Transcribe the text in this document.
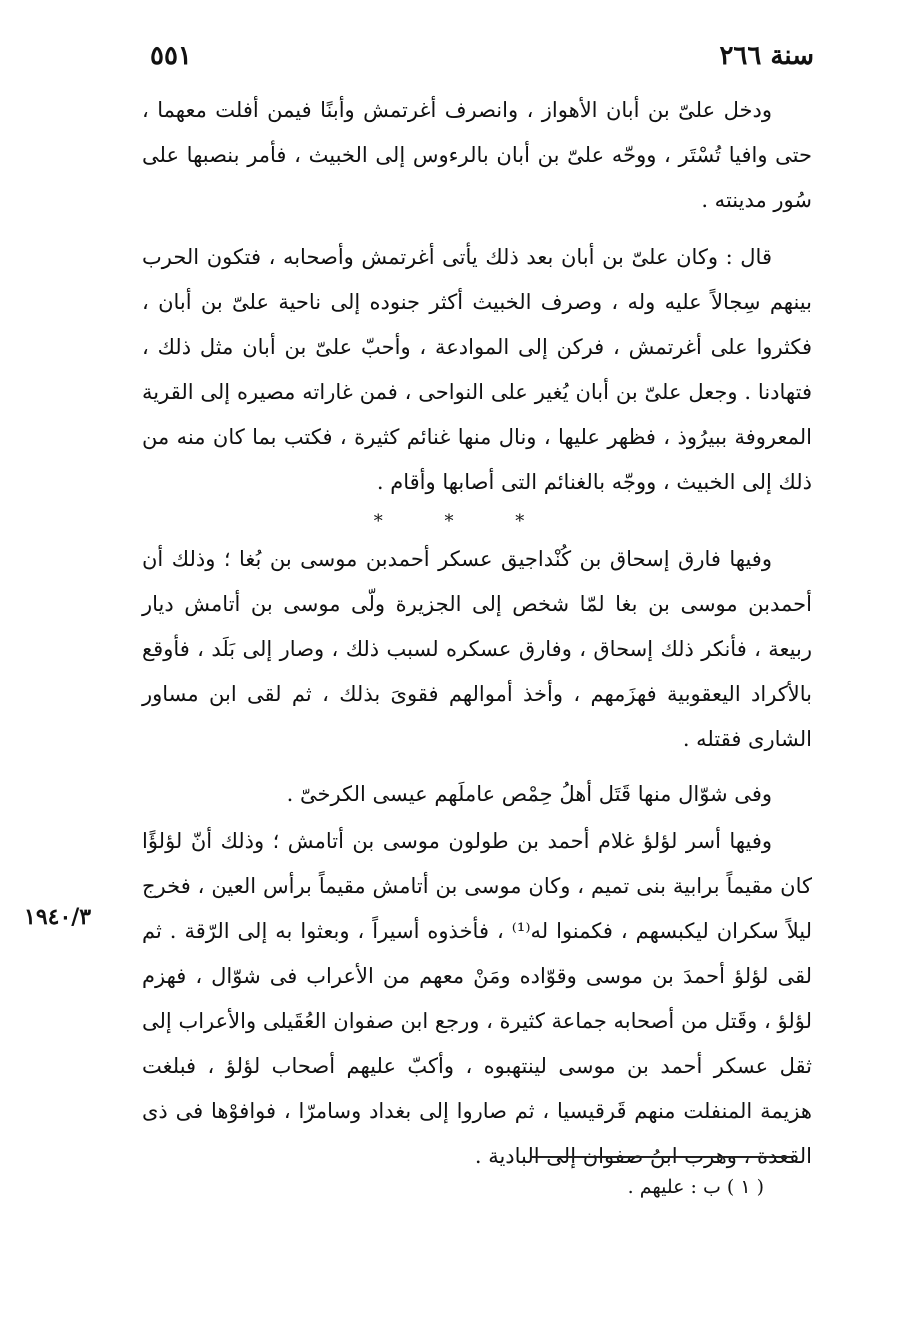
سنة ٢٦٦
٥٥١

ودخل علىّ بن أبان الأهواز ، وانصرف أغرتمش وأبنًا فيمن أفلت معهما ، حتى وافيا تُسْتَر ، ووحّه علىّ بن أبان بالرءوس إلى الخبيث ، فأمر بنصبها على سُور مدينته .

قال : وكان علىّ بن أبان بعد ذلك يأتى أغرتمش وأصحابه ، فتكون الحرب بينهم سِجالاً عليه وله ، وصرف الخبيث أكثر جنوده إلى ناحية علىّ بن أبان ، فكثروا على أغرتمش ، فركن إلى الموادعة ، وأحبّ علىّ بن أبان مثل ذلك ، فتهادنا . وجعل علىّ بن أبان يُغير على النواحى ، فمن غاراته مصيره إلى القرية المعروفة ببيرُوذ ، فظهر عليها ، ونال منها غنائم كثيرة ، فكتب بما كان منه من ذلك إلى الخبيث ، ووجّه بالغنائم التى أصابها وأقام .

* * *

وفيها فارق إسحاق بن كُنْداجيق عسكر أحمدبن موسى بن بُغا ؛ وذلك أن أحمدبن موسى بن بغا لمّا شخص إلى الجزيرة ولّى موسى بن أتامش ديار ربيعة ، فأنكر ذلك إسحاق ، وفارق عسكره لسبب ذلك ، وصار إلى بَلَد ، فأوقع بالأكراد اليعقوبية فهزَمهم ، وأخذ أموالهم فقوىَ بذلك ، ثم لقى ابن مساور الشارى فقتله .

وفى شوّال منها قَتَل أهلُ حِمْص عاملَهم عيسى الكرخىّ .

وفيها أسر لؤلؤ غلام أحمد بن طولون موسى بن أتامش ؛ وذلك أنّ لؤلؤًا كان مقيماً برابية بنى تميم ، وكان موسى بن أتامش مقيماً برأس العين ، فخرج ليلاً سكران ليكبسهم ، فكمنوا له⁽¹⁾ ، فأخذوه أسيراً ، وبعثوا به إلى الرّقة . ثم لقى لؤلؤ أحمدَ بن موسى وقوّاده ومَنْ معهم من الأعراب فى شوّال ، فهزم لؤلؤ ، وقَتل من أصحابه جماعة كثيرة ، ورجع ابن صفوان العُقَيلى والأعراب إلى ثقل عسكر أحمد بن موسى لينتهبوه ، وأكبّ عليهم أصحاب لؤلؤ ، فبلغت هزيمة المنفلت منهم قَرقيسيا ، ثم صاروا إلى بغداد وسامرّا ، فوافوْها فى ذى القعدة ، وهرب ابنُ صفوان إلى البادية .

١٩٤٠/٣
( ١ ) ب : عليهم .
